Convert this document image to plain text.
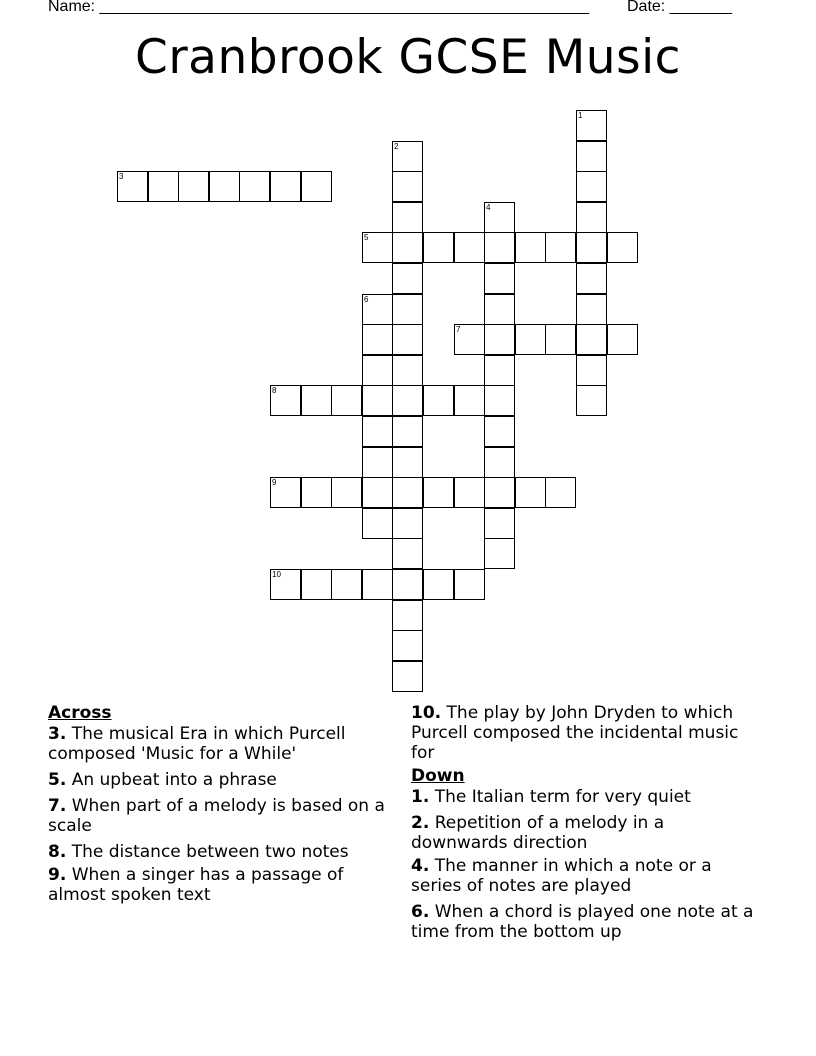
Name: _______________________________________________________ Date: _______
Cranbrook GCSE Music
1
2
3
4
5
6
7
8
9
10
Across
3. The musical Era in which Purcell composed 'Music for a While'
5. An upbeat into a phrase
7. When part of a melody is based on a scale
8. The distance between two notes
9. When a singer has a passage of almost spoken text
10. The play by John Dryden to which Purcell composed the incidental music for
Down
1. The Italian term for very quiet
2. Repetition of a melody in a downwards direction
4. The manner in which a note or a series of notes are played
6. When a chord is played one note at a time from the bottom up
